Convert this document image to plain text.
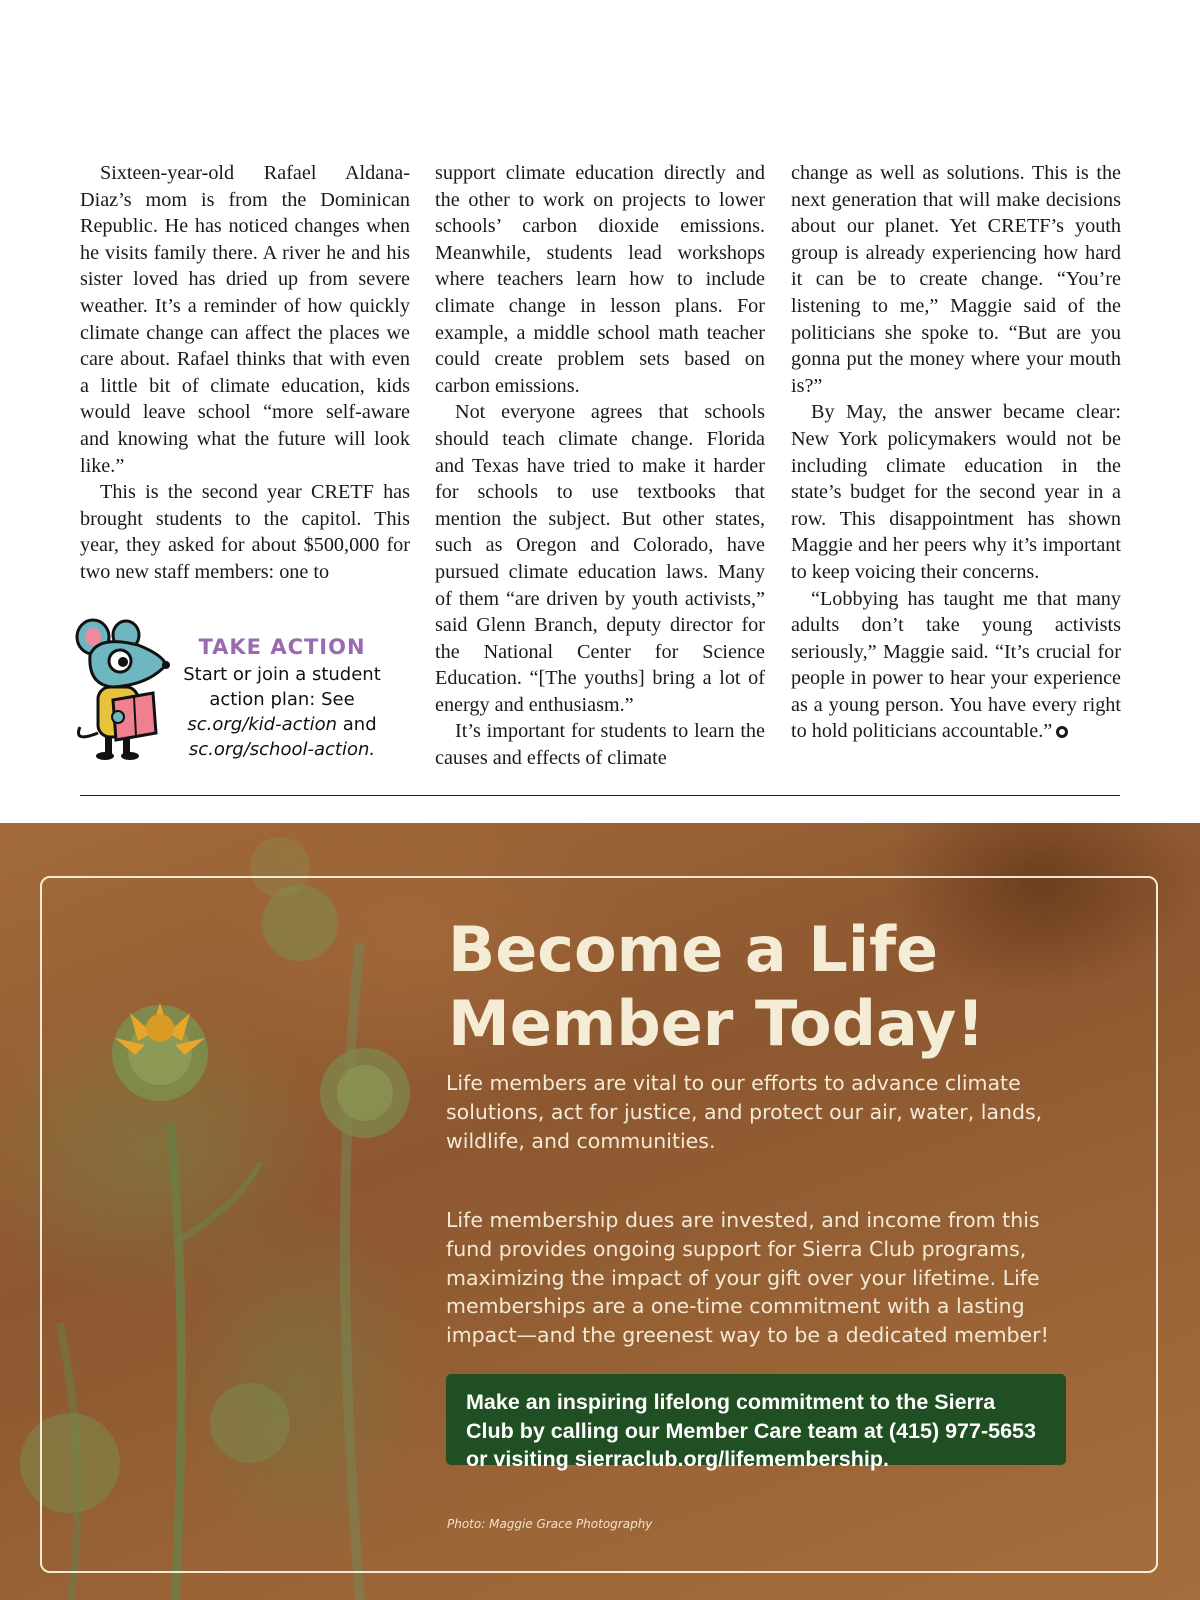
Sixteen-year-old Rafael Aldana-Diaz’s mom is from the Dominican Republic. He has noticed changes when he visits family there. A river he and his sister loved has dried up from severe weather. It’s a reminder of how quickly climate change can affect the places we care about. Rafael thinks that with even a little bit of climate education, kids would leave school “more self-aware and knowing what the future will look like.”

This is the second year CRETF has brought students to the capitol. This year, they asked for about $500,000 for two new staff members: one to

support climate education directly and the other to work on projects to lower schools’ carbon dioxide emissions. Meanwhile, students lead workshops where teachers learn how to include climate change in lesson plans. For example, a middle school math teacher could create problem sets based on carbon emissions.

Not everyone agrees that schools should teach climate change. Florida and Texas have tried to make it harder for schools to use textbooks that mention the subject. But other states, such as Oregon and Colorado, have pursued climate education laws. Many of them “are driven by youth activists,” said Glenn Branch, deputy director for the National Center for Science Education. “[The youths] bring a lot of energy and enthusiasm.”

It’s important for students to learn the causes and effects of climate

change as well as solutions. This is the next generation that will make decisions about our planet. Yet CRETF’s youth group is already experiencing how hard it can be to create change. “You’re listening to me,” Maggie said of the politicians she spoke to. “But are you gonna put the money where your mouth is?”

By May, the answer became clear: New York policymakers would not be including climate education in the state’s budget for the second year in a row. This disappointment has shown Maggie and her peers why it’s important to keep voicing their concerns.

“Lobbying has taught me that many adults don’t take young activists seriously,” Maggie said. “It’s crucial for people in power to hear your experience as a young person. You have every right to hold politicians accountable.”

TAKE ACTION
Start or join a student action plan: See
sc.org/kid-action and
sc.org/school-action.
Become a Life
Member Today!

Life members are vital to our efforts to advance climate solutions, act for justice, and protect our air, water, lands, wildlife, and communities.

Life membership dues are invested, and income from this fund provides ongoing support for Sierra Club programs, maximizing the impact of your gift over your lifetime. Life memberships are a one-time commitment with a lasting impact—and the greenest way to be a dedicated member!

Make an inspiring lifelong commitment to the Sierra Club by calling our Member Care team at (415) 977-5653 or visiting sierraclub.org/lifemembership.
Photo: Maggie Grace Photography
